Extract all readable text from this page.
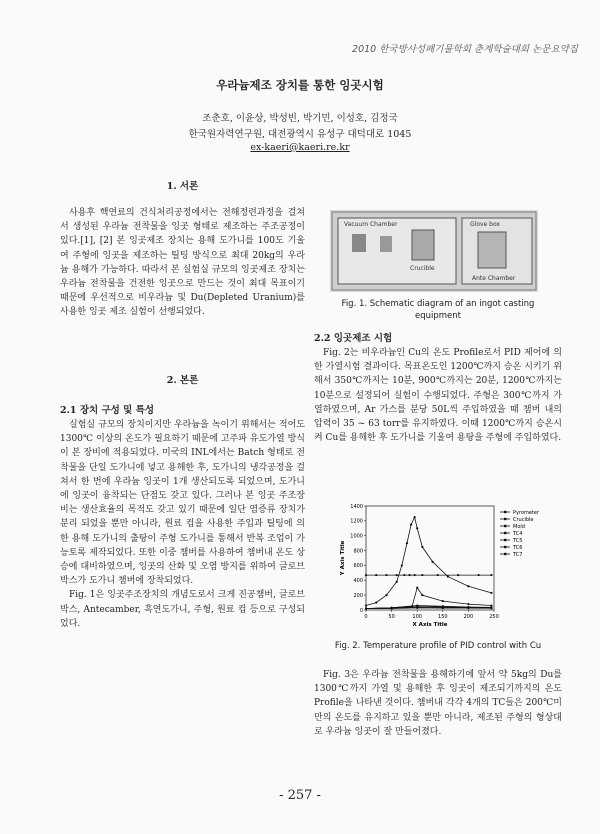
2010 한국방사성폐기물학회 춘계학술대회 논문요약집
우라늄제조 장치를 통한 잉곳시험
조춘호, 이윤상, 박성빈, 박기민, 이성호, 김정국
한국원자력연구원, 대전광역시 유성구 대덕대로 1045
ex-kaeri@kaeri.re.kr
1. 서론

사용후 핵연료의 건식처리공정에서는 전해정련과정을 걸쳐서 생성된 우라늄 전착물을 잉곳 형태로 제조하는 주조공정이 있다.[1], [2] 본 잉곳제조 장치는 용해 도가니를 100도 기울여 주형에 잉곳을 제조하는 틸팅 방식으로 최대 20kg의 우라늄 용해가 가능하다. 따라서 본 실험실 규모의 잉곳제조 장치는 우라늄 전착물을 건전한 잉곳으로 만드는 것이 최대 목표이기 때문에 우선적으로 비우라늄 및 Du(Depleted Uranium)를 사용한 잉곳 제조 실험이 선행되었다.

2. 본론
2.1 장치 구성 및 특성

실험실 규모의 장치이지만 우라늄을 녹이기 위해서는 적어도 1300℃ 이상의 온도가 필요하기 때문에 고주파 유도가열 방식이 본 장비에 적용되었다. 미국의 INL에서는 Batch 형태로 전착물을 단일 도가니에 넣고 용해한 후, 도가니의 냉각공정을 걸쳐서 한 번에 우라늄 잉곳이 1개 생산되도록 되었으며, 도가니에 잉곳이 융착되는 단점도 갖고 있다. 그러나 본 잉곳 주조장비는 생산효율의 목적도 갖고 있기 때문에 일단 염증류 장치가 분리 되었을 뿐만 아니라, 원료 컵을 사용한 주입과 틸팅에 의한 용해 도가니의 출탕이 주형 도가니를 통해서 반복 조업이 가능토록 제작되었다. 또한 이중 챔버를 사용하여 챔버내 온도 상승에 대비하였으며, 잉곳의 산화 및 오염 방지를 위하여 글로브 박스가 도가니 챔버에 장착되었다.

Fig. 1은 잉곳주조장치의 개념도로서 크게 진공챔버, 글로브박스, Antecamber, 흑연도가니, 주형, 원료 컵 등으로 구성되었다.

Vacuum Chamber
Crucible
Glove box
Ante Chamber
Fig. 1. Schematic diagram of an ingot casting
equipment
2.2 잉곳제조 시험

Fig. 2는 비우라늄인 Cu의 온도 Profile로서 PID 제어에 의한 가열시험 결과이다. 목표온도인 1200℃까지 승온 시키기 위해서 350℃까지는 10분, 900℃까지는 20분, 1200℃까지는 10분으로 설정되어 실험이 수행되었다. 주형은 300℃까지 가열하였으며, Ar 가스를 분당 50L씩 주입하였을 때 챔버 내의 압력이 35 ~ 63 torr를 유지하였다. 이때 1200℃까지 승온시켜 Cu를 용해한 후 도가니를 기울여 용탕을 주형에 주입하였다.

0	50	100	150	200	250
0
200
400
600
800
1000
1200
1400
X Axis Title
Y Axis Title
Pyrometer
Crucible
Mold
TC4
TC5
TC6
TC7
Fig. 2. Temperature profile of PID control with Cu

Fig. 3은 우라늄 전착물을 용해하기에 앞서 약 5kg의 Du를 1300℃까지 가열 및 용해한 후 잉곳이 제조되기까지의 온도 Profile을 나타낸 것이다. 챔버내 각각 4개의 TC들은 200℃미만의 온도를 유지하고 있을 뿐만 아니라, 제조된 주형의 형상대로 우라늄 잉곳이 잘 만들어졌다.

- 257 -
